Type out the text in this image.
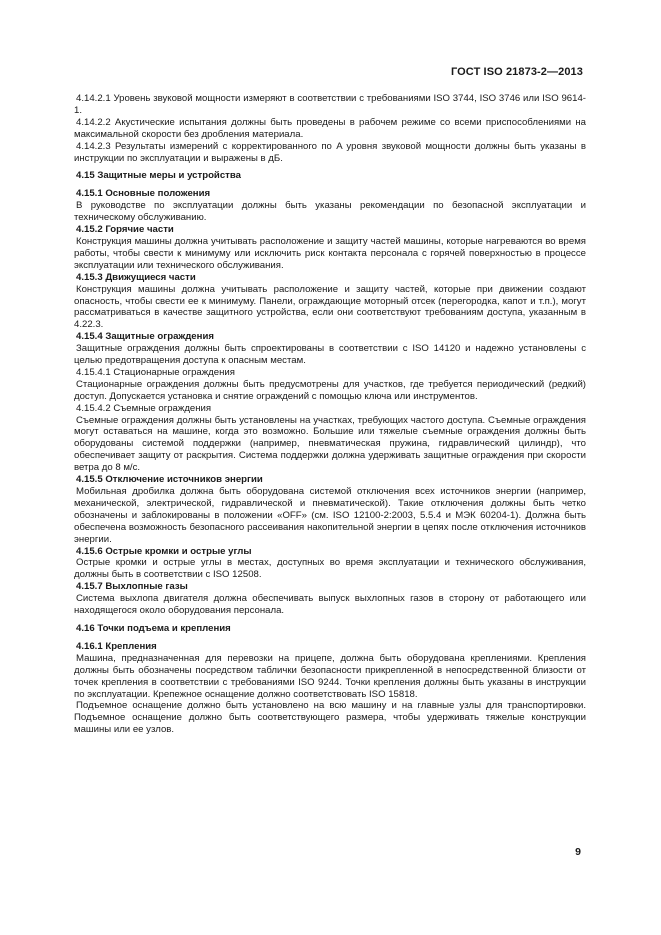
ГОСТ ISO 21873-2—2013

4.14.2.1 Уровень звуковой мощности измеряют в соответствии с требованиями ISO 3744, ISO 3746 или ISO 9614-1.

4.14.2.2 Акустические испытания должны быть проведены в рабочем режиме со всеми приспособлениями на максимальной скорости без дробления материала.

4.14.2.3 Результаты измерений с корректированного по A уровня звуковой мощности должны быть указаны в инструкции по эксплуатации и выражены в дБ.

4.15 Защитные меры и устройства

4.15.1 Основные положения

В руководстве по эксплуатации должны быть указаны рекомендации по безопасной эксплуатации и техническому обслуживанию.

4.15.2 Горячие части

Конструкция машины должна учитывать расположение и защиту частей машины, которые нагреваются во время работы, чтобы свести к минимуму или исключить риск контакта персонала с горячей поверхностью в процессе эксплуатации или технического обслуживания.

4.15.3 Движущиеся части

Конструкция машины должна учитывать расположение и защиту частей, которые при движении создают опасность, чтобы свести ее к минимуму. Панели, ограждающие моторный отсек (перегородка, капот и т.п.), могут рассматриваться в качестве защитного устройства, если они соответствуют требованиям доступа, указанным в 4.22.3.

4.15.4 Защитные ограждения

Защитные ограждения должны быть спроектированы в соответствии с ISO 14120 и надежно установлены с целью предотвращения доступа к опасным местам.

4.15.4.1 Стационарные ограждения

Стационарные ограждения должны быть предусмотрены для участков, где требуется периодический (редкий) доступ. Допускается установка и снятие ограждений с помощью ключа или инструментов.

4.15.4.2 Съемные ограждения

Съемные ограждения должны быть установлены на участках, требующих частого доступа. Съемные ограждения могут оставаться на машине, когда это возможно. Большие или тяжелые съемные ограждения должны быть оборудованы системой поддержки (например, пневматическая пружина, гидравлический цилиндр), что обеспечивает защиту от раскрытия. Система поддержки должна удерживать защитные ограждения при скорости ветра до 8 м/с.

4.15.5 Отключение источников энергии

Мобильная дробилка должна быть оборудована системой отключения всех источников энергии (например, механической, электрической, гидравлической и пневматической). Такие отключения должны быть четко обозначены и заблокированы в положении «OFF» (см. ISO 12100-2:2003, 5.5.4 и МЭК 60204-1). Должна быть обеспечена возможность безопасного рассеивания накопительной энергии в цепях после отключения источников энергии.

4.15.6 Острые кромки и острые углы

Острые кромки и острые углы в местах, доступных во время эксплуатации и технического обслуживания, должны быть в соответствии с ISO 12508.

4.15.7 Выхлопные газы

Система выхлопа двигателя должна обеспечивать выпуск выхлопных газов в сторону от работающего или находящегося около оборудования персонала.

4.16 Точки подъема и крепления

4.16.1 Крепления

Машина, предназначенная для перевозки на прицепе, должна быть оборудована креплениями. Крепления должны быть обозначены посредством таблички безопасности прикрепленной в непосредственной близости от точек крепления в соответствии с требованиями ISO 9244. Точки крепления должны быть указаны в инструкции по эксплуатации. Крепежное оснащение должно соответствовать ISO 15818.

Подъемное оснащение должно быть установлено на всю машину и на главные узлы для транспортировки. Подъемное оснащение должно быть соответствующего размера, чтобы удерживать тяжелые конструкции машины или ее узлов.

9
